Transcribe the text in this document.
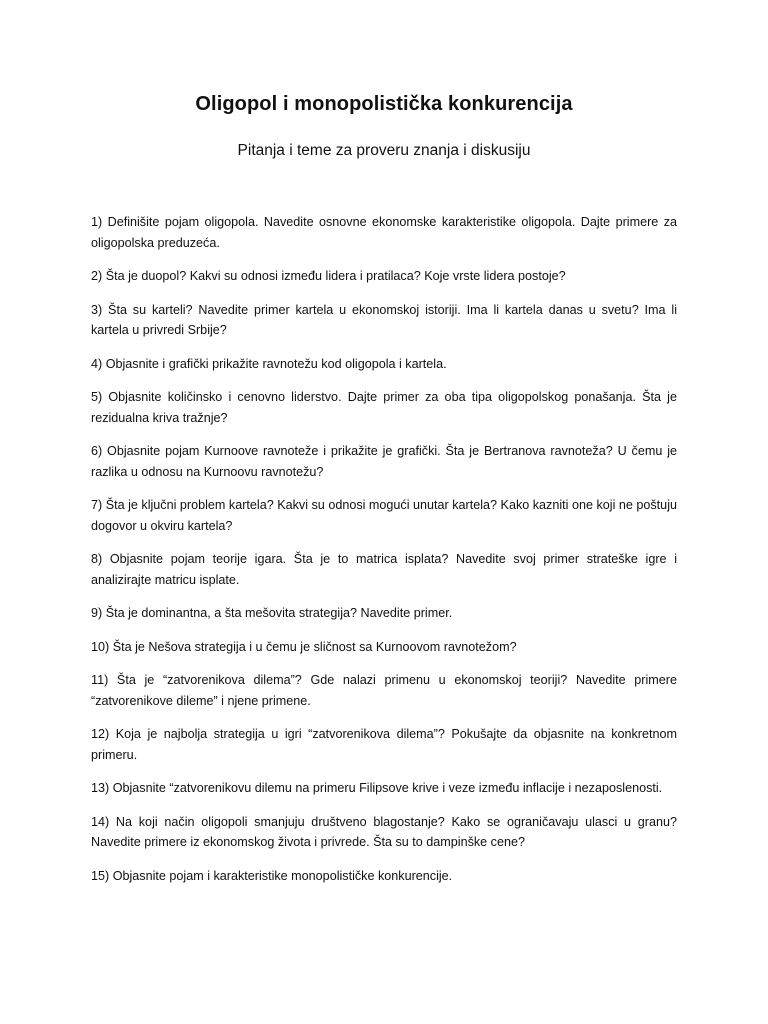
Oligopol i monopolistička konkurencija
Pitanja i teme za proveru znanja i diskusiju
1) Definišite pojam oligopola. Navedite osnovne ekonomske karakteristike oligopola. Dajte primere za oligopolska preduzeća.
2) Šta je duopol? Kakvi su odnosi između lidera i pratilaca? Koje vrste lidera postoje?
3) Šta su karteli? Navedite primer kartela u ekonomskoj istoriji. Ima li kartela danas u svetu? Ima li kartela u privredi Srbije?
4) Objasnite i grafički prikažite ravnotežu kod oligopola i kartela.
5) Objasnite količinsko i cenovno liderstvo. Dajte primer za oba tipa oligopolskog ponašanja. Šta je rezidualna kriva tražnje?
6) Objasnite pojam Kurnoove ravnoteže i prikažite je grafički. Šta je Bertranova ravnoteža? U čemu je razlika u odnosu na Kurnoovu ravnotežu?
7) Šta je ključni problem kartela? Kakvi su odnosi mogući unutar kartela? Kako kazniti one koji ne poštuju dogovor u okviru kartela?
8) Objasnite pojam teorije igara. Šta je to matrica isplata? Navedite svoj primer strateške igre i analizirajte matricu isplate.
9) Šta je dominantna, a šta mešovita strategija? Navedite primer.
10) Šta je Nešova strategija i u čemu je sličnost sa Kurnoovom ravnotežom?
11) Šta je “zatvorenikova dilema”? Gde nalazi primenu u ekonomskoj teoriji? Navedite primere “zatvorenikove dileme” i njene primene.
12) Koja je najbolja strategija u igri “zatvorenikova dilema”? Pokušajte da objasnite na konkretnom primeru.
13) Objasnite “zatvorenikovu dilemu na primeru Filipsove krive i veze između inflacije i nezaposlenosti.
14) Na koji način oligopoli smanjuju društveno blagostanje? Kako se ograničavaju ulasci u granu? Navedite primere iz ekonomskog života i privrede. Šta su to dampinške cene?
15) Objasnite pojam i karakteristike monopolističke konkurencije.
